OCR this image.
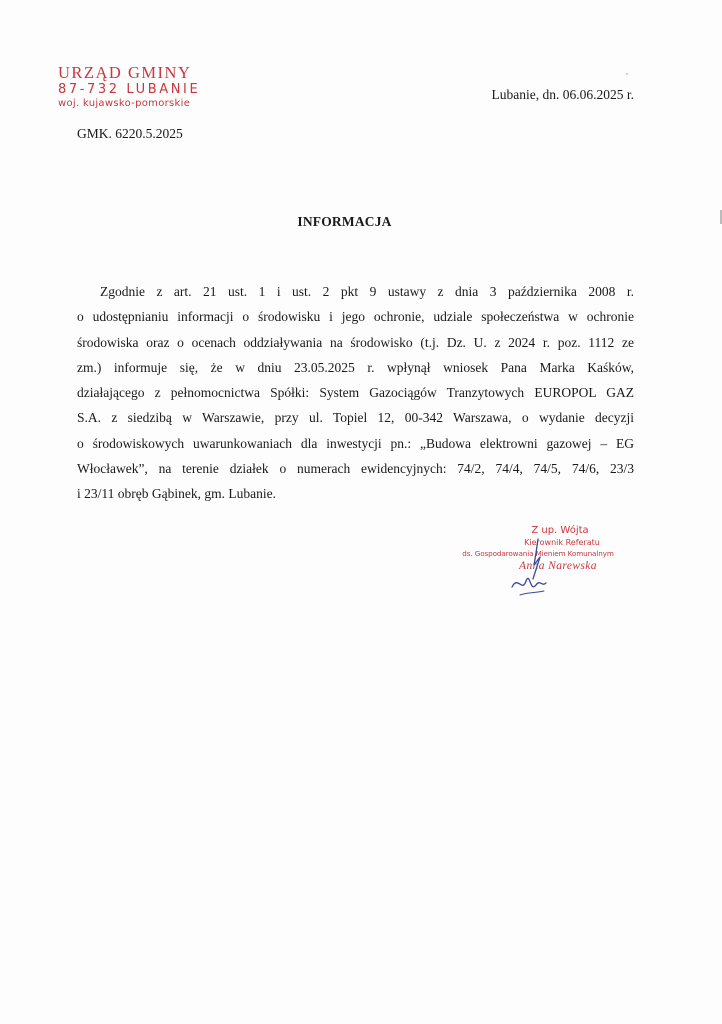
URZĄD GMINY
87-732 LUBANIE
woj. kujawsko-pomorskie
Lubanie, dn. 06.06.2025 r.
GMK. 6220.5.2025
INFORMACJA
Zgodnie z art. 21 ust. 1 i ust. 2 pkt 9 ustawy z dnia 3 października 2008 r.
o udostępnianiu informacji o środowisku i jego ochronie, udziale społeczeństwa w ochronie
środowiska oraz o ocenach oddziaływania na środowisko (t.j. Dz. U. z 2024 r. poz. 1112 ze
zm.) informuje się, że w dniu 23.05.2025 r. wpłynął wniosek Pana Marka Kaśków,
działającego z pełnomocnictwa Spółki: System Gazociągów Tranzytowych EUROPOL GAZ
S.A. z siedzibą w Warszawie, przy ul. Topiel 12, 00-342 Warszawa, o wydanie decyzji
o środowiskowych uwarunkowaniach dla inwestycji pn.: „Budowa elektrowni gazowej – EG
Włocławek”, na terenie działek o numerach ewidencyjnych: 74/2, 74/4, 74/5, 74/6, 23/3
i 23/11 obręb Gąbinek, gm. Lubanie.
Z up. Wójta
Kierownik Referatu
ds. Gospodarowania Mieniem Komunalnym
Anna Narewska
